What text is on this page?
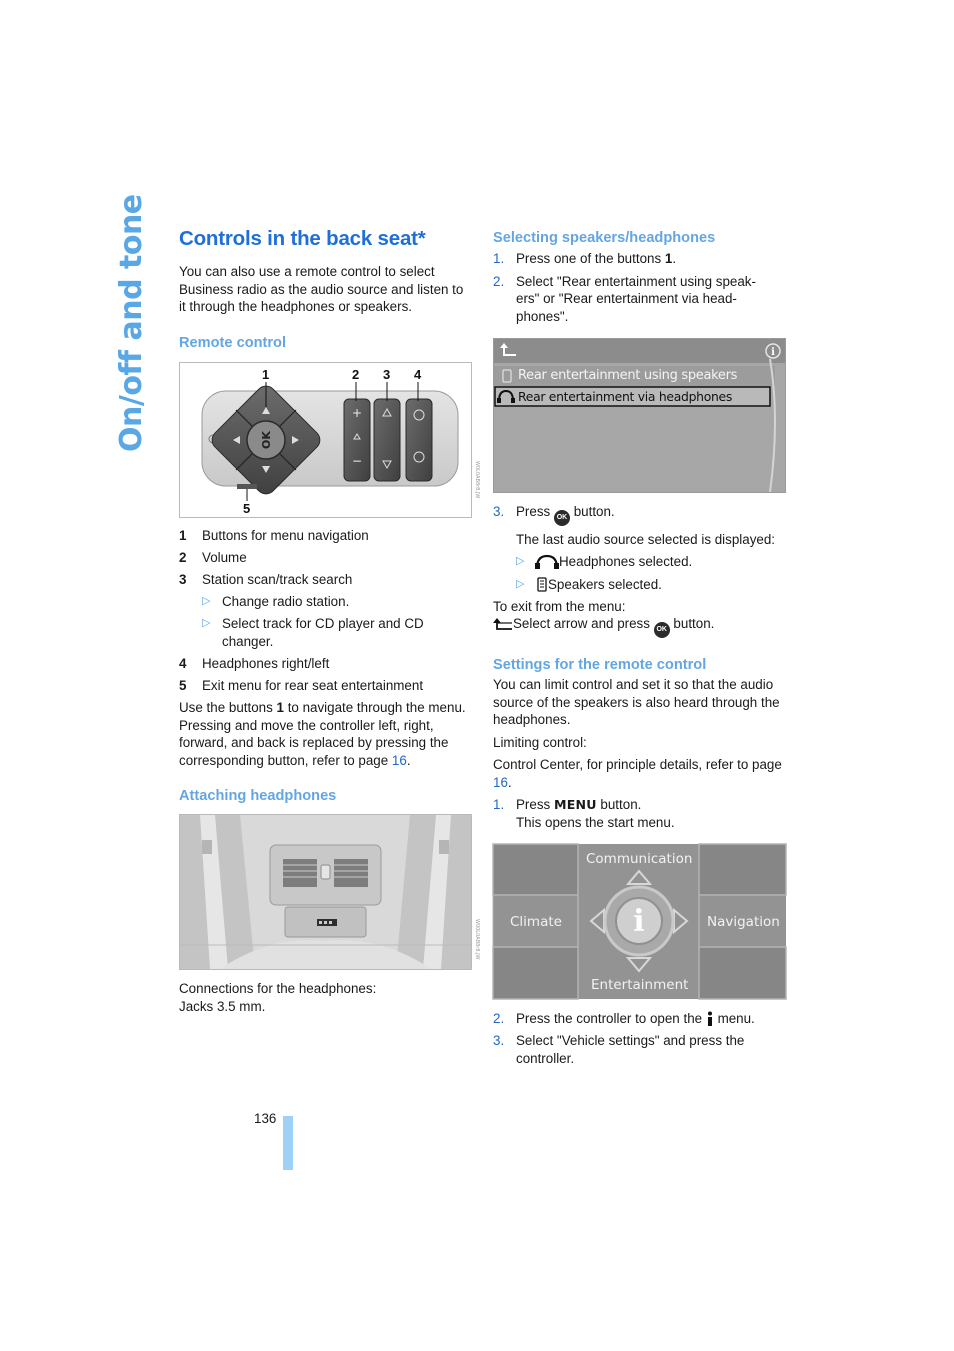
On/off and tone Controls in the back seat*

You can also use a remote control to select Business radio as the audio source and listen to it through the headphones or speakers.

Remote control
OK
+
−
1	2 3 4
5
W0L0AB8r8.JW
1	Buttons for menu navigation
2	Volume
3	Station scan/track search
▷ Change radio station.
▷ Select track for CD player and CD changer.
4	Headphones right/left
5	Exit menu for rear seat entertainment

Use the buttons 1 to navigate through the menu. Pressing and move the controller left, right, forward, and back is replaced by pressing the corresponding button, refer to page 16.

Attaching headphones
W00L0AB8r8.JW

Connections for the headphones:

Jacks 3.5 mm.

Selecting speakers/headphones
1. Press one of the buttons 1.
2. Select "Rear entertainment using speak-ers" or "Rear entertainment via head-phones".
i
Rear entertainment using speakers
Rear entertainment via headphones
3. Press OK button.

The last audio source selected is displayed:

▷	Headphones selected.
▷	Speakers selected.

To exit from the menu:

Select arrow and press OK button.

Settings for the remote control

You can limit control and set it so that the audio source of the speakers is also heard through the headphones.

Limiting control:

Control Center, for principle details, refer to page 16.

1. Press MENU button.
This opens the start menu.
i
Communication
Climate	Navigation
Entertainment
2. Press the controller to open the menu.
3. Select "Vehicle settings" and press the controller.
136
